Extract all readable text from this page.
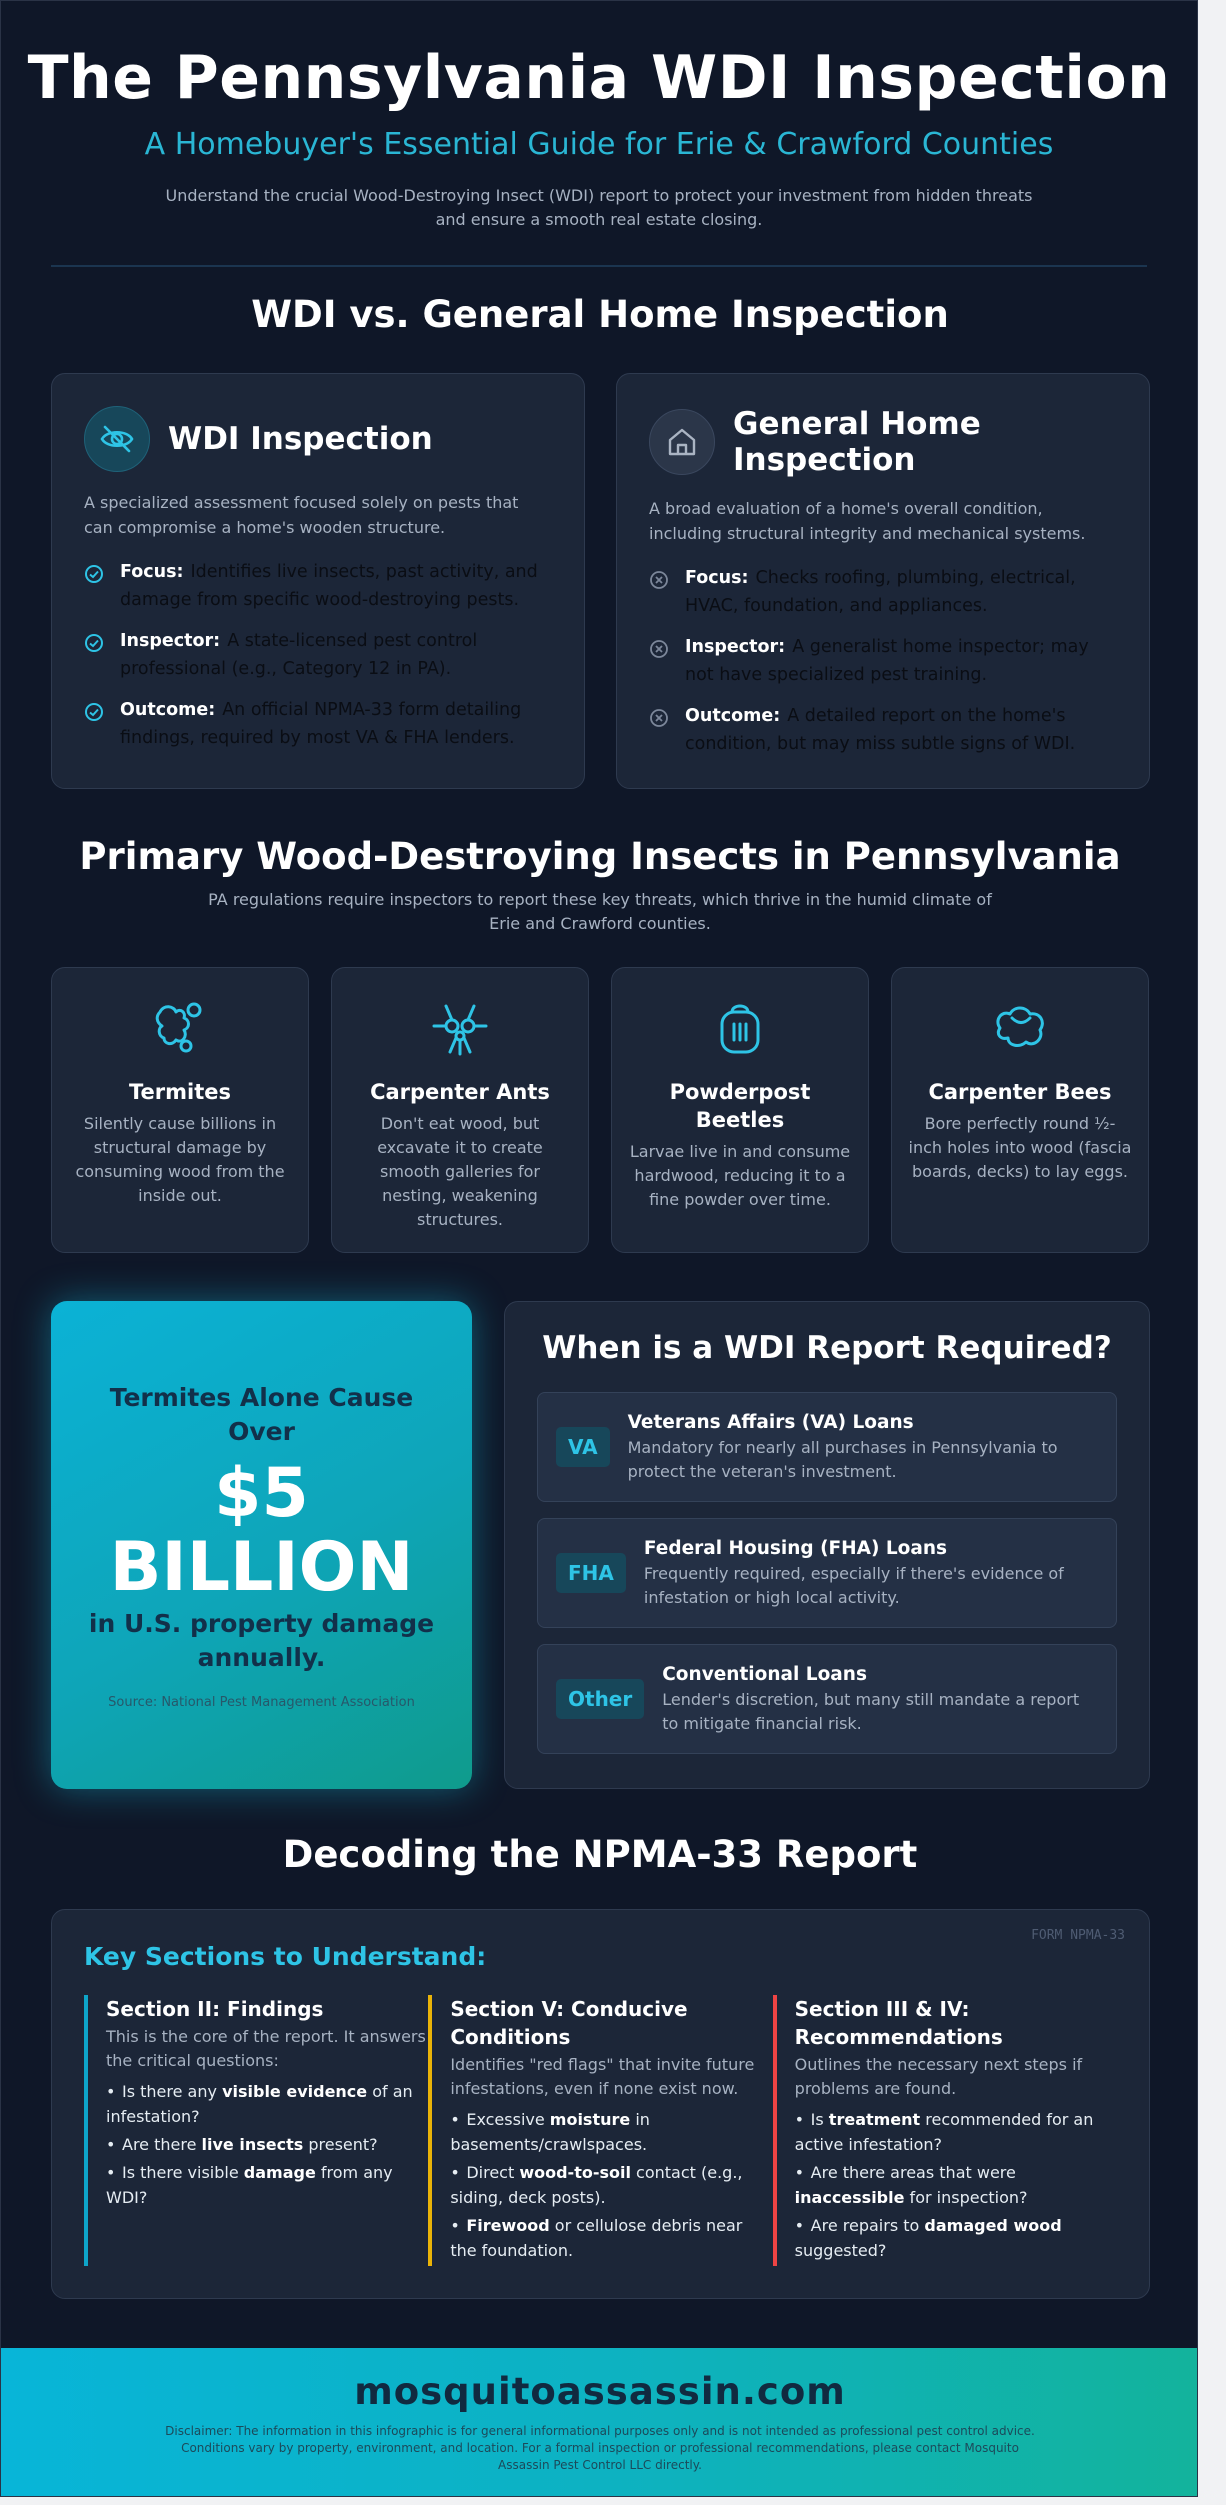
The Pennsylvania WDI Inspection
A Homebuyer's Essential Guide for Erie & Crawford Counties

Understand the crucial Wood-Destroying Insect (WDI) report to protect your investment from hidden threats and ensure a smooth real estate closing.

WDI vs. General Home Inspection
WDI Inspection

A specialized assessment focused solely on pests that can compromise a home's wooden structure.

Focus: Identifies live insects, past activity, and damage from specific wood-destroying pests.
Inspector: A state-licensed pest control professional (e.g., Category 12 in PA).
Outcome: An official NPMA-33 form detailing findings, required by most VA & FHA lenders.
General Home Inspection

A broad evaluation of a home's overall condition, including structural integrity and mechanical systems.

Focus: Checks roofing, plumbing, electrical, HVAC, foundation, and appliances.
Inspector: A generalist home inspector; may not have specialized pest training.
Outcome: A detailed report on the home's condition, but may miss subtle signs of WDI.
Primary Wood-Destroying Insects in Pennsylvania

PA regulations require inspectors to report these key threats, which thrive in the humid climate of Erie and Crawford counties.

Termites

Silently cause billions in structural damage by consuming wood from the inside out.

Carpenter Ants

Don't eat wood, but excavate it to create smooth galleries for nesting, weakening structures.

Powderpost Beetles

Larvae live in and consume hardwood, reducing it to a fine powder over time.

Carpenter Bees

Bore perfectly round ½-inch holes into wood (fascia boards, decks) to lay eggs.

Termites Alone Cause Over
$5 BILLION
in U.S. property damage annually.
Source: National Pest Management Association
When is a WDI Report Required?
VA
Veterans Affairs (VA) Loans
Mandatory for nearly all purchases in Pennsylvania to protect the veteran's investment.
FHA
Federal Housing (FHA) Loans
Frequently required, especially if there's evidence of infestation or high local activity.
Other
Conventional Loans
Lender's discretion, but many still mandate a report to mitigate financial risk.
Decoding the NPMA-33 Report
FORM NPMA-33
Key Sections to Understand:
Section II: Findings

This is the core of the report. It answers the critical questions:

• Is there any visible evidence of an infestation?
• Are there live insects present?
• Is there visible damage from any WDI?
Section V: Conducive Conditions

Identifies "red flags" that invite future infestations, even if none exist now.

• Excessive moisture in basements/crawlspaces.
• Direct wood-to-soil contact (e.g., siding, deck posts).
• Firewood or cellulose debris near the foundation.
Section III & IV: Recommendations

Outlines the necessary next steps if problems are found.

• Is treatment recommended for an active infestation?
• Are there areas that were inaccessible for inspection?
• Are repairs to damaged wood suggested?
mosquitoassassin.com

Disclaimer: The information in this infographic is for general informational purposes only and is not intended as professional pest control advice. Conditions vary by property, environment, and location. For a formal inspection or professional recommendations, please contact Mosquito Assassin Pest Control LLC directly.
